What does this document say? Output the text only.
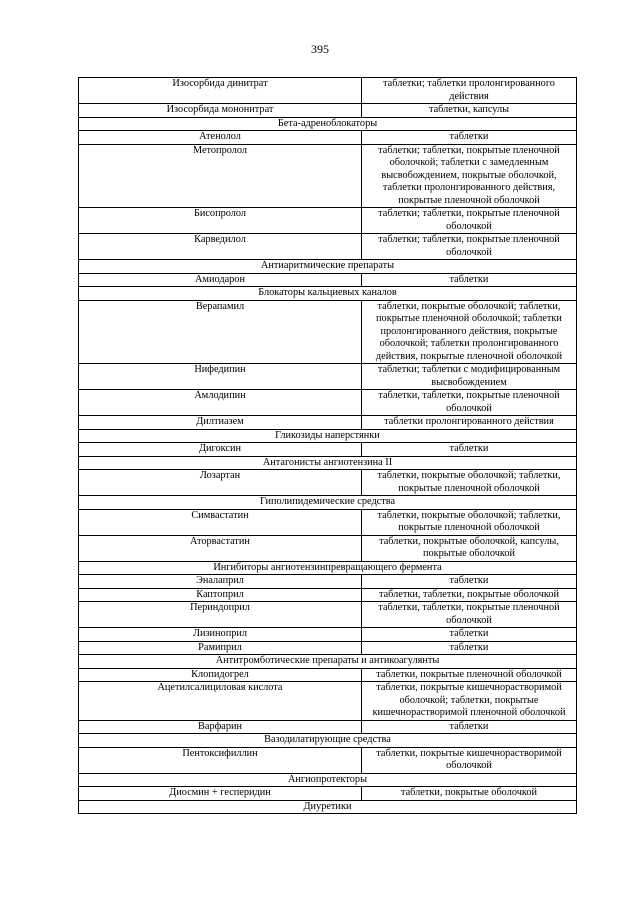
395
Изосорбида динитрат	таблетки; таблетки пролонгированного действия
Изосорбида мононитрат	таблетки, капсулы
Бета-адреноблокаторы	
Атенолол	таблетки
Метопролол	таблетки; таблетки, покрытые пленочной оболочкой; таблетки с замедленным высвобождением, покрытые оболочкой, таблетки пролонгированного действия, покрытые пленочной оболочкой
Бисопролол	таблетки; таблетки, покрытые пленочной оболочкой
Карведилол	таблетки; таблетки, покрытые пленочной оболочкой
Антиаритмические препараты	
Амиодарон	таблетки
Блокаторы кальциевых каналов	
Верапамил	таблетки, покрытые оболочкой; таблетки, покрытые пленочной оболочкой; таблетки пролонгированного действия, покрытые оболочкой; таблетки пролонгированного действия, покрытые пленочной оболочкой
Нифедипин	таблетки; таблетки с модифицированным высвобождением
Амлодипин	таблетки, таблетки, покрытые пленочной оболочкой
Дилтиазем	таблетки пролонгированного действия
Гликозиды наперстянки	
Дигоксин	таблетки
Антагонисты ангиотензина II	
Лозартан	таблетки, покрытые оболочкой; таблетки, покрытые пленочной оболочкой
Гиполипидемические средства	
Симвастатин	таблетки, покрытые оболочкой; таблетки, покрытые пленочной оболочкой
Аторвастатин	таблетки, покрытые оболочкой, капсулы, покрытые оболочкой
Ингибиторы ангиотензинпревращающего фермента	
Эналаприл	таблетки
Каптоприл	таблетки, таблетки, покрытые оболочкой
Периндоприл	таблетки, таблетки, покрытые пленочной оболочкой
Лизиноприл	таблетки
Рамиприл	таблетки
Антитромботические препараты и антикоагулянты	
Клопидогрел	таблетки, покрытые пленочной оболочкой
Ацетилсалициловая кислота	таблетки, покрытые кишечнорастворимой оболочкой; таблетки, покрытые кишечнорастворимой пленочной оболочкой
Варфарин	таблетки
Вазодилатирующие средства	
Пентоксифиллин	таблетки, покрытые кишечнорастворимой оболочкой
Ангиопротекторы	
Диосмин + гесперидин	таблетки, покрытые оболочкой
Диуретики	
